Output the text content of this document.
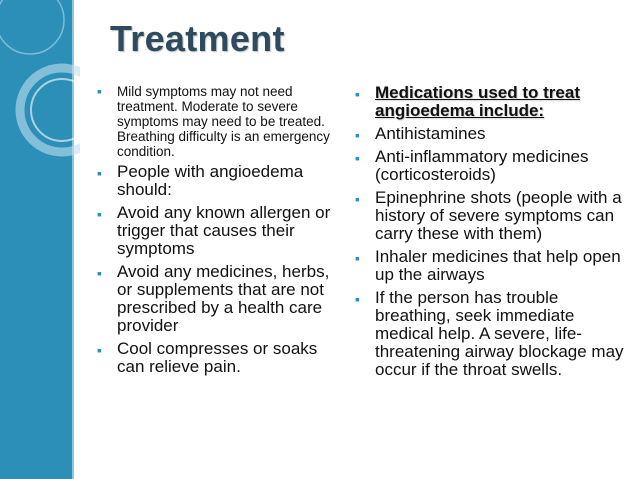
Treatment
▪ Mild symptoms may not need treatment. Moderate to severe symptoms may need to be treated. Breathing difficulty is an emergency condition.
▪ People with angioedema should:
▪ Avoid any known allergen or trigger that causes their symptoms
▪ Avoid any medicines, herbs, or supplements that are not prescribed by a health care provider
▪ Cool compresses or soaks can relieve pain.
▪ Medications used to treat angioedema include:
▪ Antihistamines
▪ Anti-inflammatory medicines (corticosteroids)
▪ Epinephrine shots (people with a history of severe symptoms can carry these with them)
▪ Inhaler medicines that help open up the airways
▪ If the person has trouble breathing, seek immediate medical help. A severe, life-threatening airway blockage may occur if the throat swells.
